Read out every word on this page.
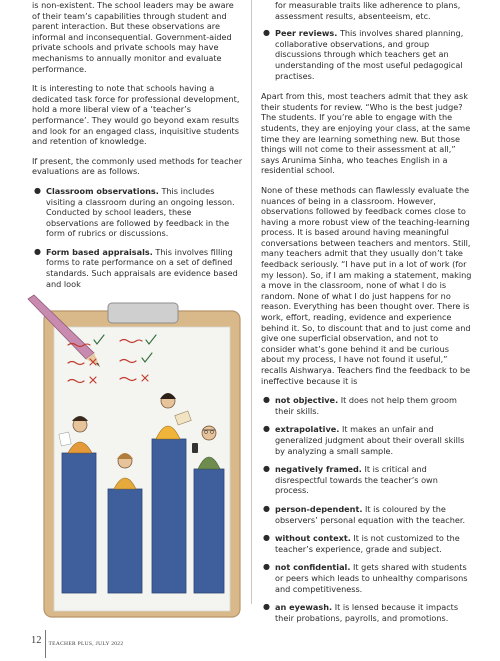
is non-existent. The school leaders may be aware of their team’s capabilities through student and parent interaction. But these observations are informal and inconsequential. Government-aided private schools and private schools may have mechanisms to annually monitor and evaluate performance.

It is interesting to note that schools having a dedicated task force for professional development, hold a more liberal view of a ‘teacher’s performance’. They would go beyond exam results and look for an engaged class, inquisitive students and retention of knowledge.

If present, the commonly used methods for teacher evaluations are as follows.

● Classroom observations. This includes visiting a classroom during an ongoing lesson. Conducted by school leaders, these observations are followed by feedback in the form of rubrics or discussions.
● Form based appraisals. This involves filling forms to rate performance on a set of defined standards. Such appraisals are evidence based and look

for measurable traits like adherence to plans, assessment results, absenteeism, etc.

● Peer reviews. This involves shared planning, collaborative observations, and group discussions through which teachers get an understanding of the most useful pedagogical practises.

Apart from this, most teachers admit that they ask their students for review. “Who is the best judge? The students. If you’re able to engage with the students, they are enjoying your class, at the same time they are learning something new. But those things will not come to their assessment at all,” says Arunima Sinha, who teaches English in a residential school.

None of these methods can flawlessly evaluate the nuances of being in a classroom. However, observations followed by feedback comes close to having a more robust view of the teaching-learning process. It is based around having meaningful conversations between teachers and mentors. Still, many teachers admit that they usually don’t take feedback seriously. “I have put in a lot of work (for my lesson). So, if I am making a statement, making a move in the classroom, none of what I do is random. None of what I do just happens for no reason. Everything has been thought over. There is work, effort, reading, evidence and experience behind it. So, to discount that and to just come and give one superficial observation, and not to consider what’s gone behind it and be curious about my process, I have not found it useful,” recalls Aishwarya. Teachers find the feedback to be ineffective because it is

● not objective. It does not help them groom their skills.
● extrapolative. It makes an unfair and generalized judgment about their overall skills by analyzing a small sample.
● negatively framed. It is critical and disrespectful towards the teacher’s own process.
● person-dependent. It is coloured by the observers’ personal equation with the teacher.
● without context. It is not customized to the teacher’s experience, grade and subject.
● not confidential. It gets shared with students or peers which leads to unhealthy comparisons and competitiveness.
● an eyewash. It is lensed because it impacts their probations, payrolls, and promotions.
12 TEACHER PLUS, JULY 2022
